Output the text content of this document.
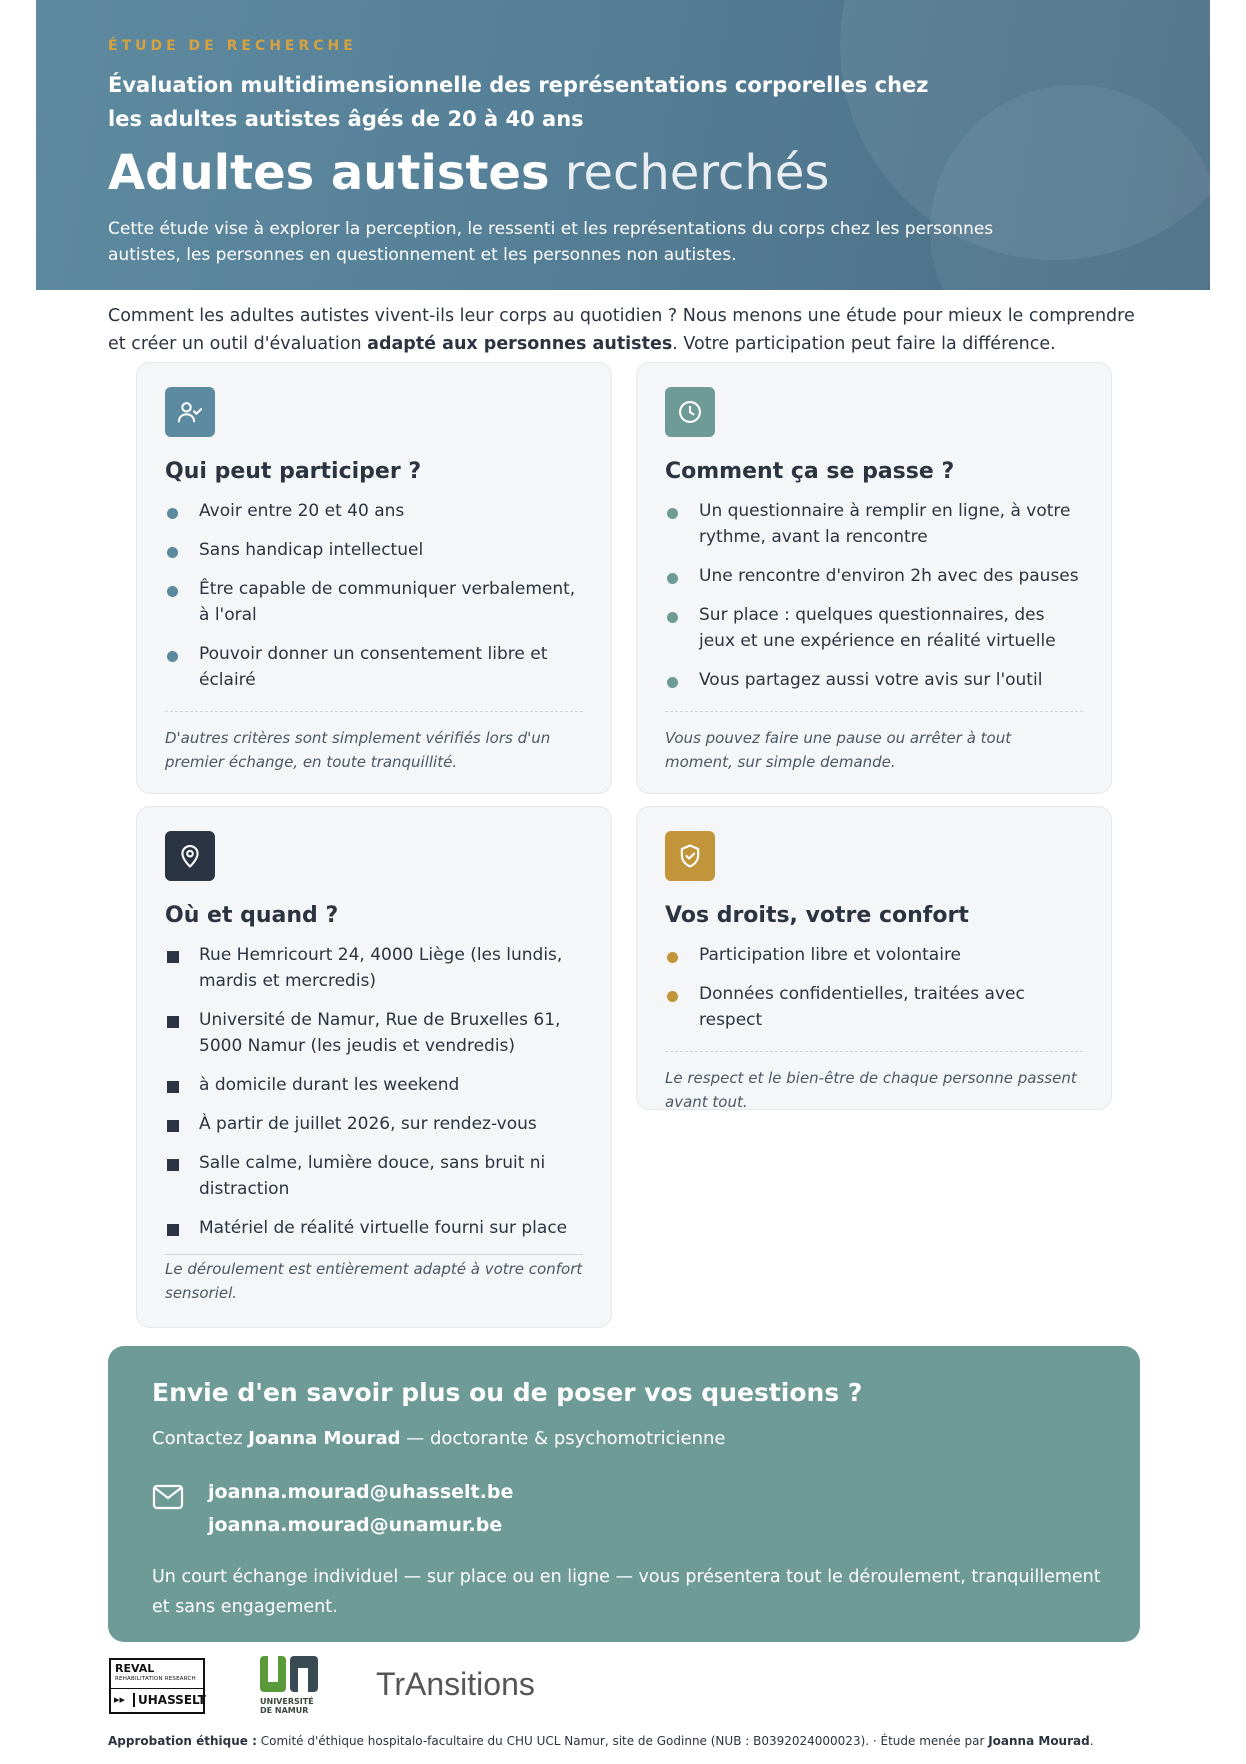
ÉTUDE DE RECHERCHE
Évaluation multidimensionnelle des représentations corporelles chez les adultes autistes âgés de 20 à 40 ans
Adultes autistes recherchés
Cette étude vise à explorer la perception, le ressenti et les représentations du corps chez les personnes autistes, les personnes en questionnement et les personnes non autistes.
Comment les adultes autistes vivent-ils leur corps au quotidien ? Nous menons une étude pour mieux le comprendre et créer un outil d'évaluation adapté aux personnes autistes. Votre participation peut faire la différence.
Qui peut participer ?
Avoir entre 20 et 40 ans
Sans handicap intellectuel
Être capable de communiquer verbalement, à l'oral
Pouvoir donner un consentement libre et éclairé
D'autres critères sont simplement vérifiés lors d'un premier échange, en toute tranquillité.
Comment ça se passe ?
Un questionnaire à remplir en ligne, à votre rythme, avant la rencontre
Une rencontre d'environ 2h avec des pauses
Sur place : quelques questionnaires, des jeux et une expérience en réalité virtuelle
Vous partagez aussi votre avis sur l'outil
Vous pouvez faire une pause ou arrêter à tout moment, sur simple demande.
Où et quand ?
Rue Hemricourt 24, 4000 Liège (les lundis, mardis et mercredis)
Université de Namur, Rue de Bruxelles 61, 5000 Namur (les jeudis et vendredis)
à domicile durant les weekend
À partir de juillet 2026, sur rendez-vous
Salle calme, lumière douce, sans bruit ni distraction
Matériel de réalité virtuelle fourni sur place
Le déroulement est entièrement adapté à votre confort sensoriel.
Vos droits, votre confort
Participation libre et volontaire
Données confidentielles, traitées avec respect
Le respect et le bien-être de chaque personne passent avant tout.
Envie d'en savoir plus ou de poser vos questions ?
Contactez Joanna Mourad — doctorante & psychomotricienne
joanna.mourad@uhasselt.be
joanna.mourad@unamur.be
Un court échange individuel — sur place ou en ligne — vous présentera tout le déroulement, tranquillement et sans engagement.
REVAL
REHABILITATION RESEARCH
▸▸	UHASSELT	UNIVERSITÉ
DE NAMUR
TrAnsitions
Approbation éthique : Comité d'éthique hospitalo-facultaire du CHU UCL Namur, site de Godinne (NUB : B0392024000023). · Étude menée par Joanna Mourad.
